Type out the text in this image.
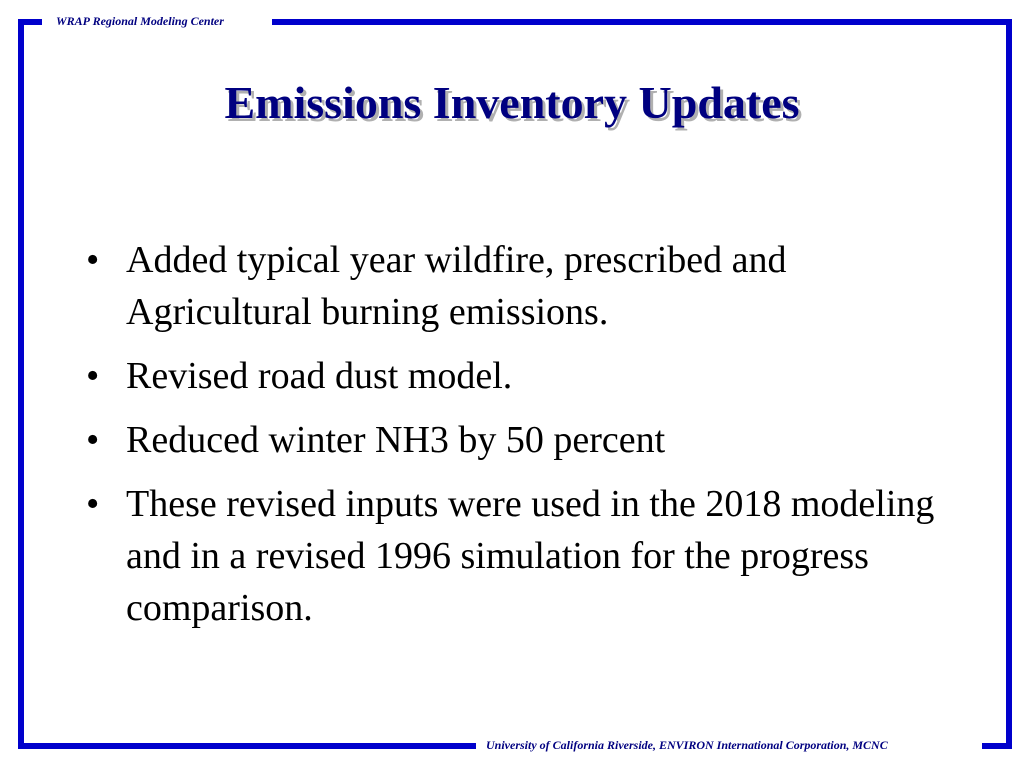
WRAP Regional Modeling Center
Emissions Inventory Updates
• Added typical year wildfire, prescribed and Agricultural burning emissions.
• Revised road dust model.
• Reduced winter NH3 by 50 percent
• These revised inputs were used in the 2018 modeling and in a revised 1996 simulation for the progress comparison.
University of California Riverside, ENVIRON International Corporation, MCNC
